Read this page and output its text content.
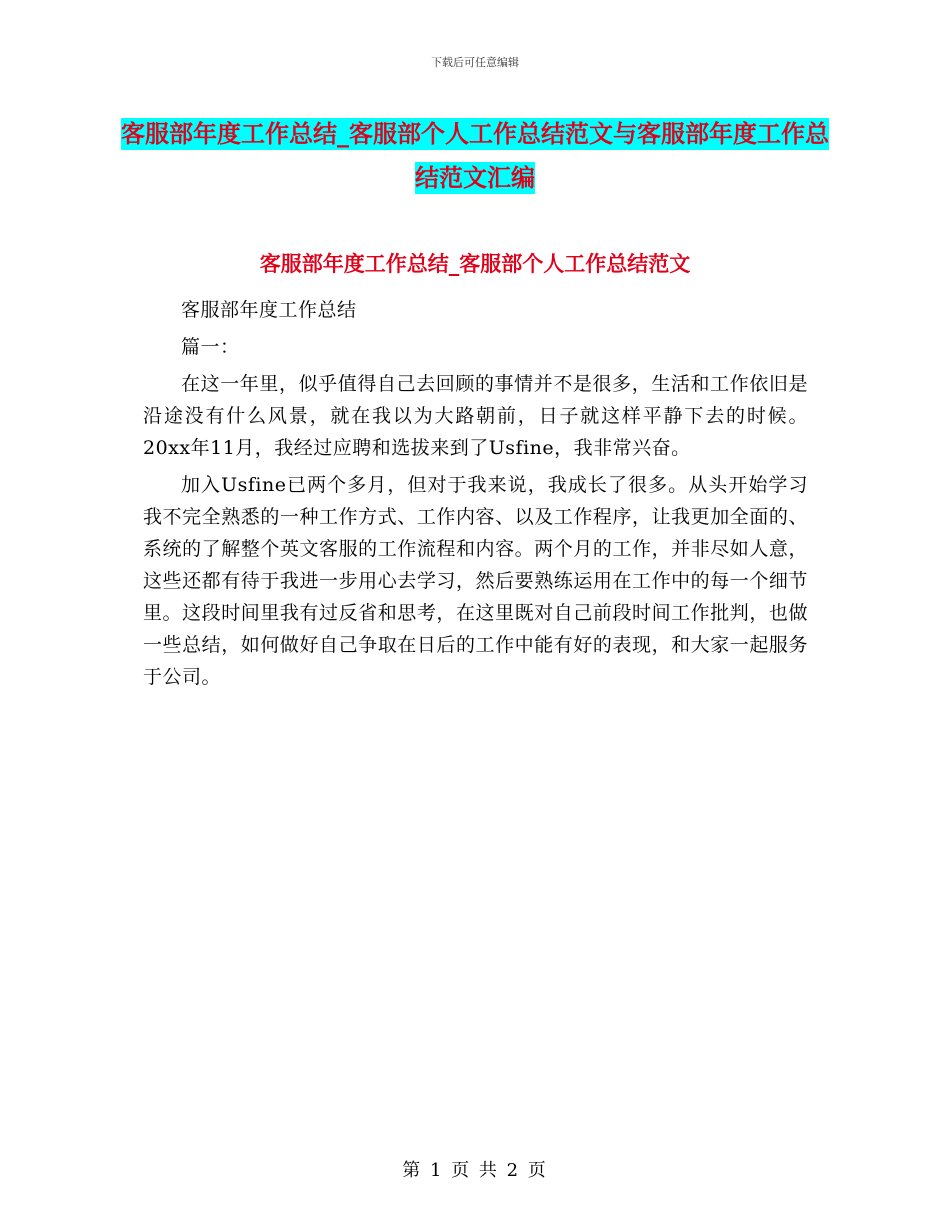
下载后可任意编辑
客服部年度工作总结_客服部个人工作总结范文与客服部年度工作总结范文汇编
客服部年度工作总结_客服部个人工作总结范文

客服部年度工作总结

篇一：

在这一年里，似乎值得自己去回顾的事情并不是很多，生活和工作依旧是沿途没有什么风景，就在我以为大路朝前，日子就这样平静下去的时候。20xx年11月，我经过应聘和选拔来到了Usfine，我非常兴奋。

加入Usfine已两个多月，但对于我来说，我成长了很多。从头开始学习我不完全熟悉的一种工作方式、工作内容、以及工作程序，让我更加全面的、系统的了解整个英文客服的工作流程和内容。两个月的工作，并非尽如人意，这些还都有待于我进一步用心去学习，然后要熟练运用在工作中的每一个细节里。这段时间里我有过反省和思考，在这里既对自己前段时间工作批判，也做一些总结，如何做好自己争取在日后的工作中能有好的表现，和大家一起服务于公司。

第 1 页 共 2 页
